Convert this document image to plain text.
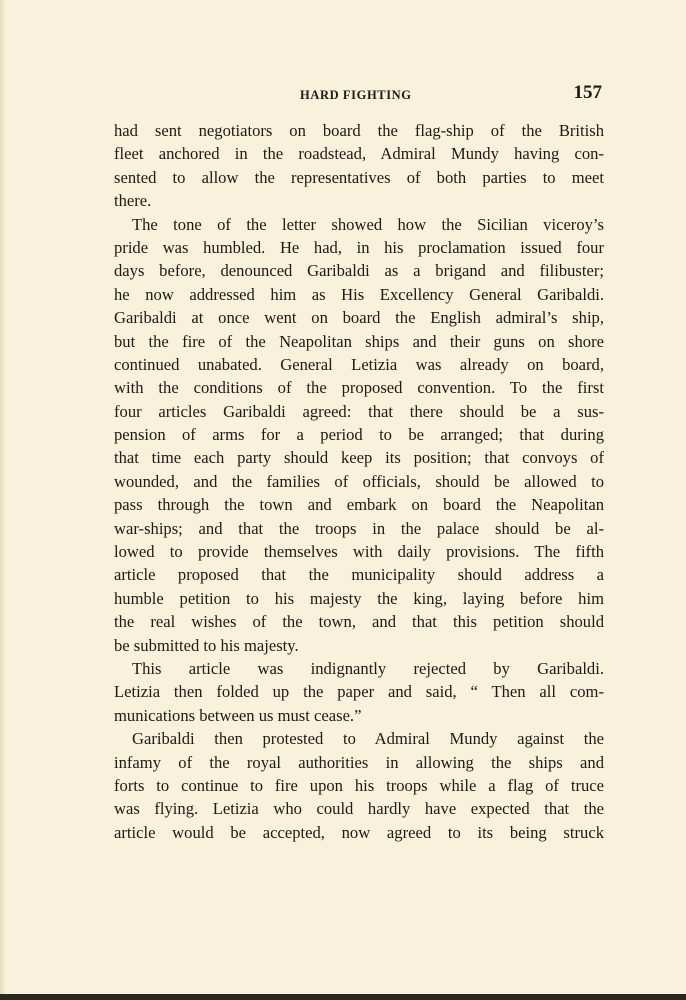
HARD FIGHTING	157
had sent negotiators on board the flag-ship of the British
fleet anchored in the roadstead, Admiral Mundy having con-
sented to allow the representatives of both parties to meet
there.
The tone of the letter showed how the Sicilian viceroy’s
pride was humbled. He had, in his proclamation issued four
days before, denounced Garibaldi as a brigand and filibuster;
he now addressed him as His Excellency General Garibaldi.
Garibaldi at once went on board the English admiral’s ship,
but the fire of the Neapolitan ships and their guns on shore
continued unabated. General Letizia was already on board,
with the conditions of the proposed convention. To the first
four articles Garibaldi agreed: that there should be a sus-
pension of arms for a period to be arranged; that during
that time each party should keep its position; that convoys of
wounded, and the families of officials, should be allowed to
pass through the town and embark on board the Neapolitan
war-ships; and that the troops in the palace should be al-
lowed to provide themselves with daily provisions. The fifth
article proposed that the municipality should address a
humble petition to his majesty the king, laying before him
the real wishes of the town, and that this petition should
be submitted to his majesty.
This article was indignantly rejected by Garibaldi.
Letizia then folded up the paper and said, “ Then all com-
munications between us must cease.”
Garibaldi then protested to Admiral Mundy against the
infamy of the royal authorities in allowing the ships and
forts to continue to fire upon his troops while a flag of truce
was flying. Letizia who could hardly have expected that the
article would be accepted, now agreed to its being struck
